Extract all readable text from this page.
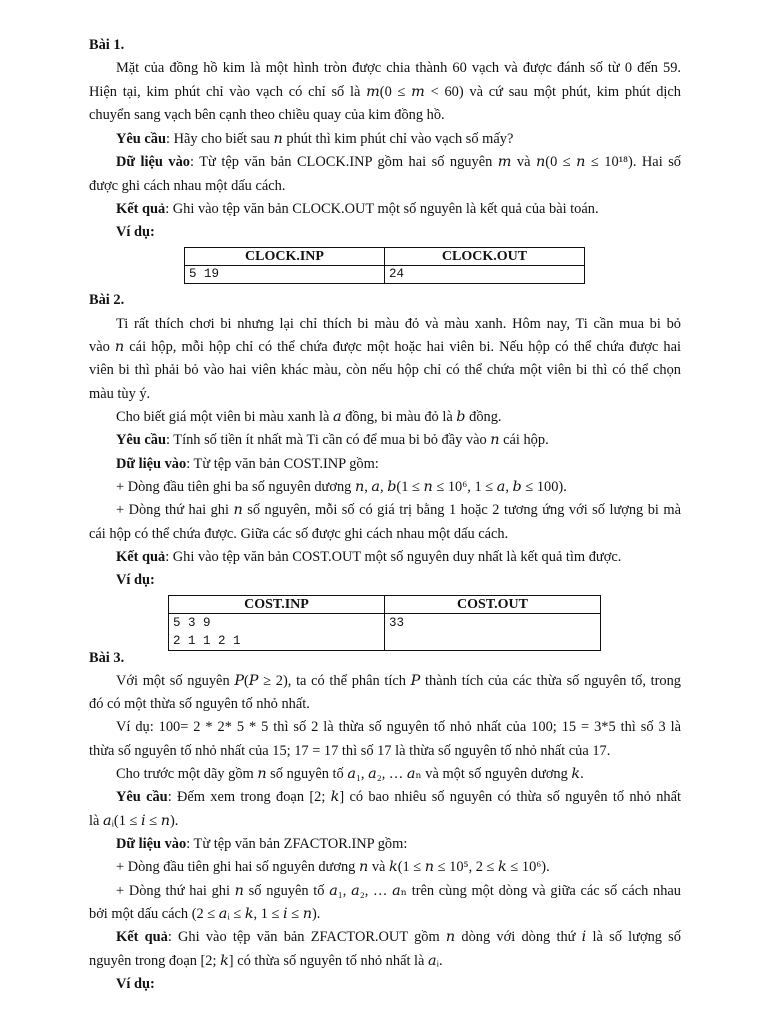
Bài 1.
Mặt của đồng hồ kim là một hình tròn được chia thành 60 vạch và được đánh số từ 0 đến 59.
Hiện tại, kim phút chỉ vào vạch có chỉ số là 𝑚(0 ≤ 𝑚 < 60) và cứ sau một phút, kim phút dịch
chuyển sang vạch bên cạnh theo chiều quay của kim đồng hồ.
Yêu cầu: Hãy cho biết sau 𝑛 phút thì kim phút chỉ vào vạch số mấy?
Dữ liệu vào: Từ tệp văn bản CLOCK.INP gồm hai số nguyên 𝑚 và 𝑛(0 ≤ 𝑛 ≤ 10¹⁸). Hai số
được ghi cách nhau một dấu cách.
Kết quả: Ghi vào tệp văn bản CLOCK.OUT một số nguyên là kết quả của bài toán.
Ví dụ:
CLOCK.INP	CLOCK.OUT
5 19	24
Bài 2.
Ti rất thích chơi bi nhưng lại chỉ thích bi màu đỏ và màu xanh. Hôm nay, Ti cần mua bi bỏ
vào 𝑛 cái hộp, mỗi hộp chỉ có thể chứa được một hoặc hai viên bi. Nếu hộp có thể chứa được hai
viên bi thì phải bỏ vào hai viên khác màu, còn nếu hộp chỉ có thể chứa một viên bi thì có thể chọn
màu tùy ý.
Cho biết giá một viên bi màu xanh là 𝑎 đồng, bi màu đỏ là 𝑏 đồng.
Yêu cầu: Tính số tiền ít nhất mà Ti cần có để mua bi bỏ đầy vào 𝑛 cái hộp.
Dữ liệu vào: Từ tệp văn bản COST.INP gồm:
+ Dòng đầu tiên ghi ba số nguyên dương 𝑛, 𝑎, 𝑏(1 ≤ 𝑛 ≤ 10⁶, 1 ≤ 𝑎, 𝑏 ≤ 100).
+ Dòng thứ hai ghi 𝑛 số nguyên, mỗi số có giá trị bằng 1 hoặc 2 tương ứng với số lượng bi mà
cái hộp có thể chứa được. Giữa các số được ghi cách nhau một dấu cách.
Kết quả: Ghi vào tệp văn bản COST.OUT một số nguyên duy nhất là kết quả tìm được.
Ví dụ:
COST.INP	COST.OUT

5 3 9
2 1 1 2 1	33
Bài 3.
Với một số nguyên 𝑃(𝑃 ≥ 2), ta có thể phân tích 𝑃 thành tích của các thừa số nguyên tố, trong
đó có một thừa số nguyên tố nhỏ nhất.
Ví dụ: 100= 2 * 2* 5 * 5 thì số 2 là thừa số nguyên tố nhỏ nhất của 100; 15 = 3*5 thì số 3 là
thừa số nguyên tố nhỏ nhất của 15; 17 = 17 thì số 17 là thừa số nguyên tố nhỏ nhất của 17.
Cho trước một dãy gồm 𝑛 số nguyên tố 𝑎₁, 𝑎₂, … 𝑎ₙ và một số nguyên dương 𝑘.
Yêu cầu: Đếm xem trong đoạn [2; 𝑘] có bao nhiêu số nguyên có thừa số nguyên tố nhỏ nhất
là 𝑎ᵢ(1 ≤ 𝑖 ≤ 𝑛).
Dữ liệu vào: Từ tệp văn bản ZFACTOR.INP gồm:
+ Dòng đầu tiên ghi hai số nguyên dương 𝑛 và 𝑘(1 ≤ 𝑛 ≤ 10⁵, 2 ≤ 𝑘 ≤ 10⁶).
+ Dòng thứ hai ghi 𝑛 số nguyên tố 𝑎₁, 𝑎₂, … 𝑎ₙ trên cùng một dòng và giữa các số cách nhau
bởi một dấu cách (2 ≤ 𝑎ᵢ ≤ 𝑘, 1 ≤ 𝑖 ≤ 𝑛).
Kết quả: Ghi vào tệp văn bản ZFACTOR.OUT gồm 𝑛 dòng với dòng thứ 𝑖 là số lượng số
nguyên trong đoạn [2; 𝑘] có thừa số nguyên tố nhỏ nhất là 𝑎ᵢ.
Ví dụ:
